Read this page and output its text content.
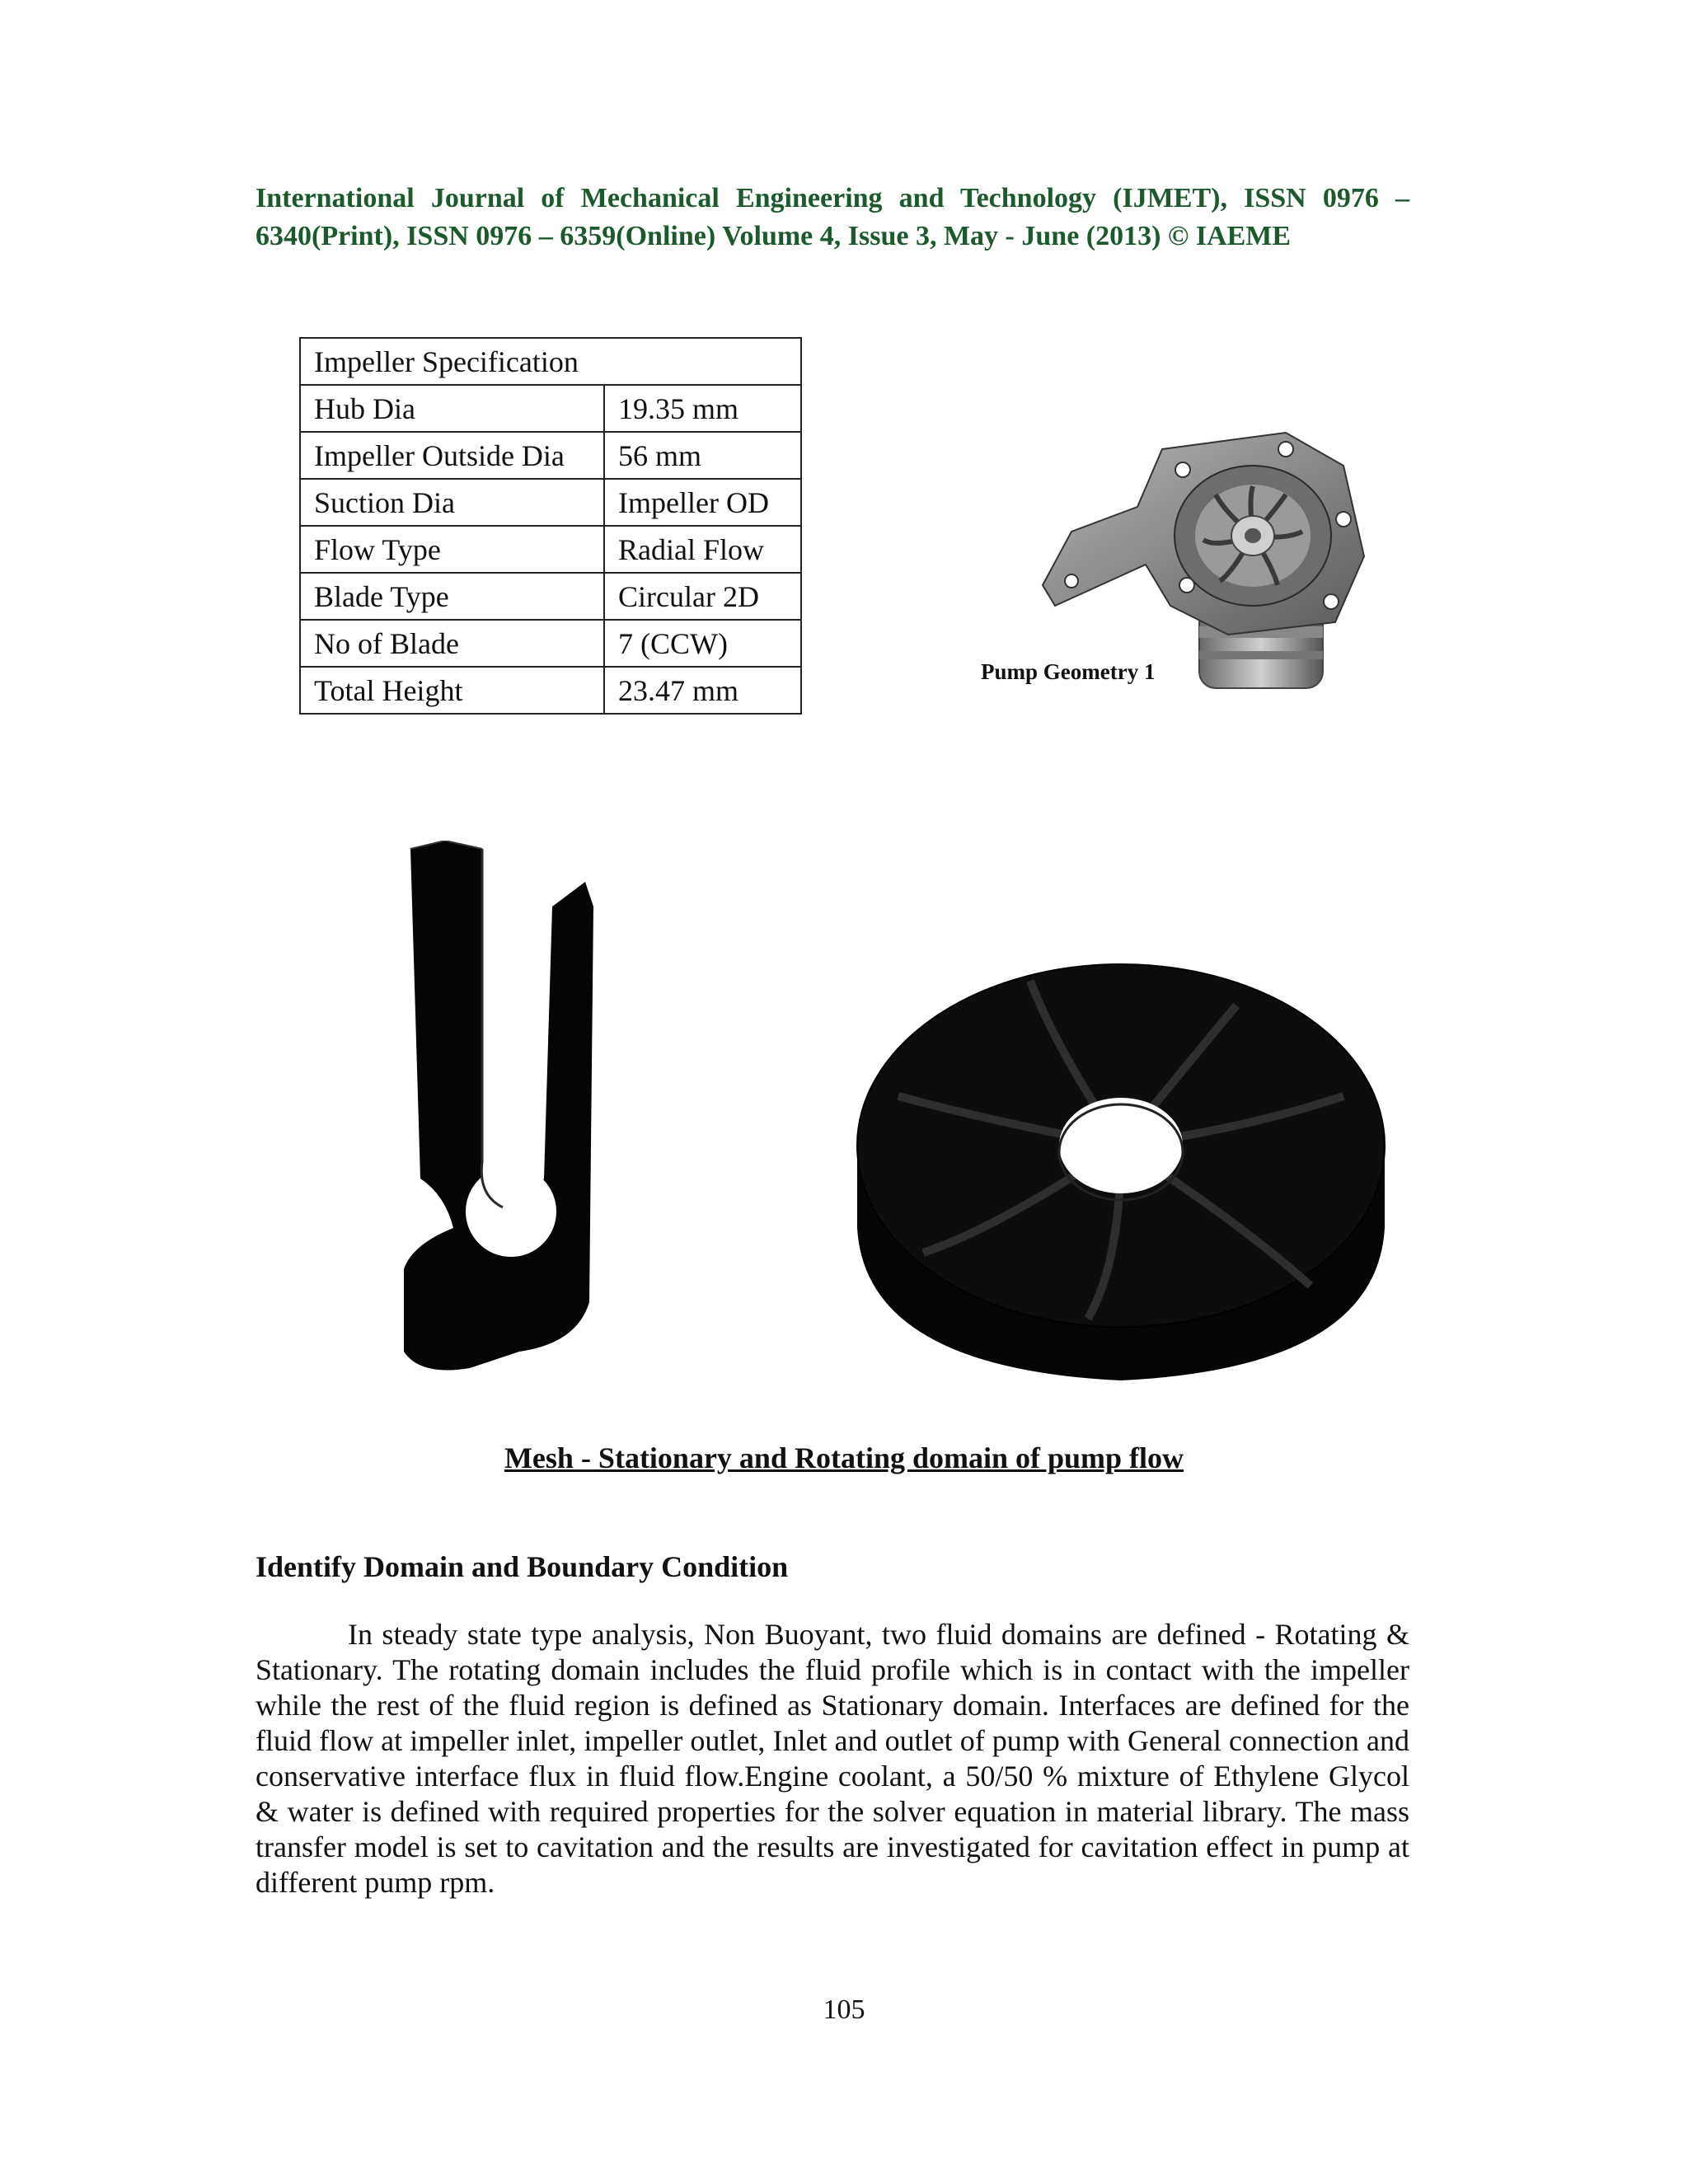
International Journal of Mechanical Engineering and Technology (IJMET), ISSN 0976 – 6340(Print), ISSN 0976 – 6359(Online) Volume 4, Issue 3, May - June (2013) © IAEME
Impeller Specification	
Hub Dia	19.35 mm
Impeller Outside Dia	56 mm
Suction Dia	Impeller OD
Flow Type	Radial Flow
Blade Type	Circular 2D
No of Blade	7 (CCW)
Total Height	23.47 mm
Pump Geometry 1
Mesh - Stationary and Rotating domain of pump flow
Identify Domain and Boundary Condition

In steady state type analysis, Non Buoyant, two fluid domains are defined - Rotating & Stationary. The rotating domain includes the fluid profile which is in contact with the impeller while the rest of the fluid region is defined as Stationary domain. Interfaces are defined for the fluid flow at impeller inlet, impeller outlet, Inlet and outlet of pump with General connection and conservative interface flux in fluid flow.Engine coolant, a 50/50 % mixture of Ethylene Glycol & water is defined with required properties for the solver equation in material library. The mass transfer model is set to cavitation and the results are investigated for cavitation effect in pump at different pump rpm.

105
